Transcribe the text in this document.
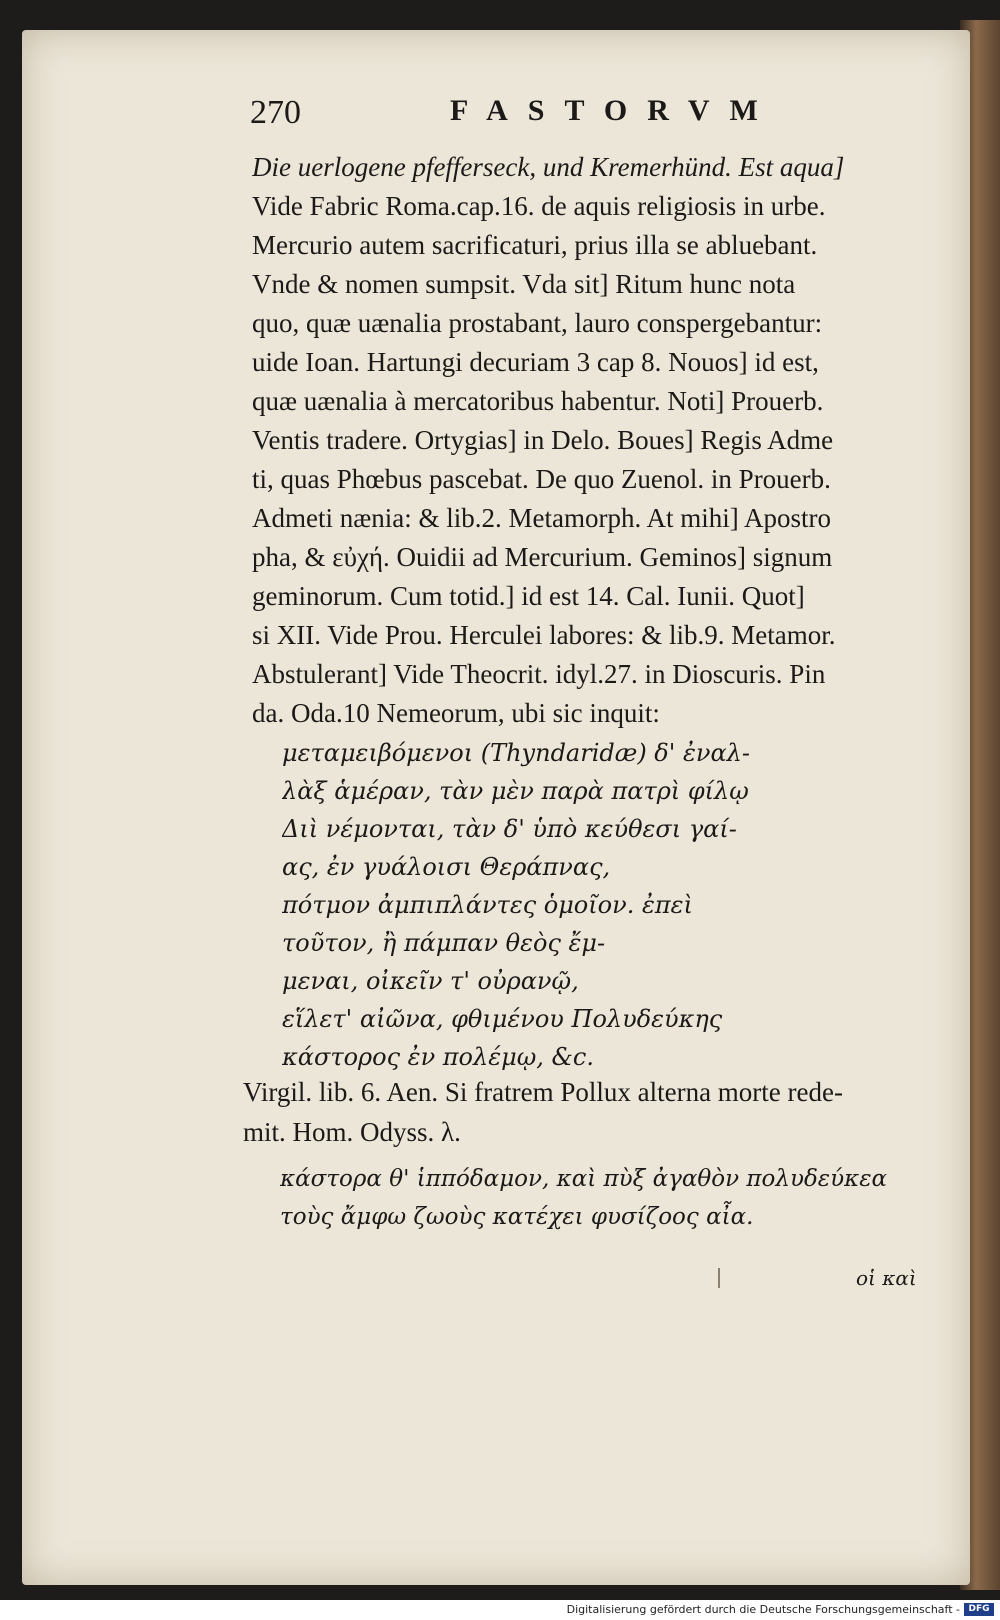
270	FASTORVM
Die uerlogene pfefferseck, und Kremerhünd. Est aqua]
Vide Fabric Roma.cap.16. de aquis religiosis in urbe.
Mercurio autem sacrificaturi, prius illa se abluebant.
Vnde & nomen sumpsit. Vda sit] Ritum hunc nota
quo, quæ uænalia prostabant, lauro conspergebantur:
uide Ioan. Hartungi decuriam 3 cap 8. Nouos] id est,
quæ uænalia à mercatoribus habentur. Noti] Prouerb.
Ventis tradere. Ortygias] in Delo. Boues] Regis Adme
ti, quas Phœbus pascebat. De quo Zuenol. in Prouerb.
Admeti nænia: & lib.2. Metamorph. At mihi] Apostro
pha, & εὐχή. Ouidii ad Mercurium. Geminos] signum
geminorum. Cum totid.] id est 14. Cal. Iunii. Quot]
si XII. Vide Prou. Herculei labores: & lib.9. Metamor.
Abstulerant] Vide Theocrit. idyl.27. in Dioscuris. Pin
da. Oda.10 Nemeorum, ubi sic inquit:
μεταμειβόμενοι (Thyndaridæ) δ' ἐναλ-
λὰξ ἁμέραν, τὰν μὲν παρὰ πατρὶ φίλῳ
Διὶ νέμονται, τὰν δ' ὑπὸ κεύθεσι γαί-
ας, ἐν γυάλοισι Θεράπνας,
πότμον ἀμπιπλάντες ὁμοῖον. ἐπεὶ
τοῦτον, ἢ πάμπαν θεὸς ἔμ-
μεναι, οἰκεῖν τ' οὐρανῷ,
εἵλετ' αἰῶνα, φθιμένου Πολυδεύκης
κάστορος ἐν πολέμῳ, &c.
Virgil. lib. 6. Aen. Si fratrem Pollux alterna morte rede-
mit. Hom. Odyss. λ.
κάστορα θ' ἱππόδαμον, καὶ πὺξ ἀγαθὸν πολυδεύκεα
τοὺς ἄμφω ζωοὺς κατέχει φυσίζοος αἶα.
οἱ καὶ
Digitalisierung gefördert durch die Deutsche Forschungsgemeinschaft - DFG
